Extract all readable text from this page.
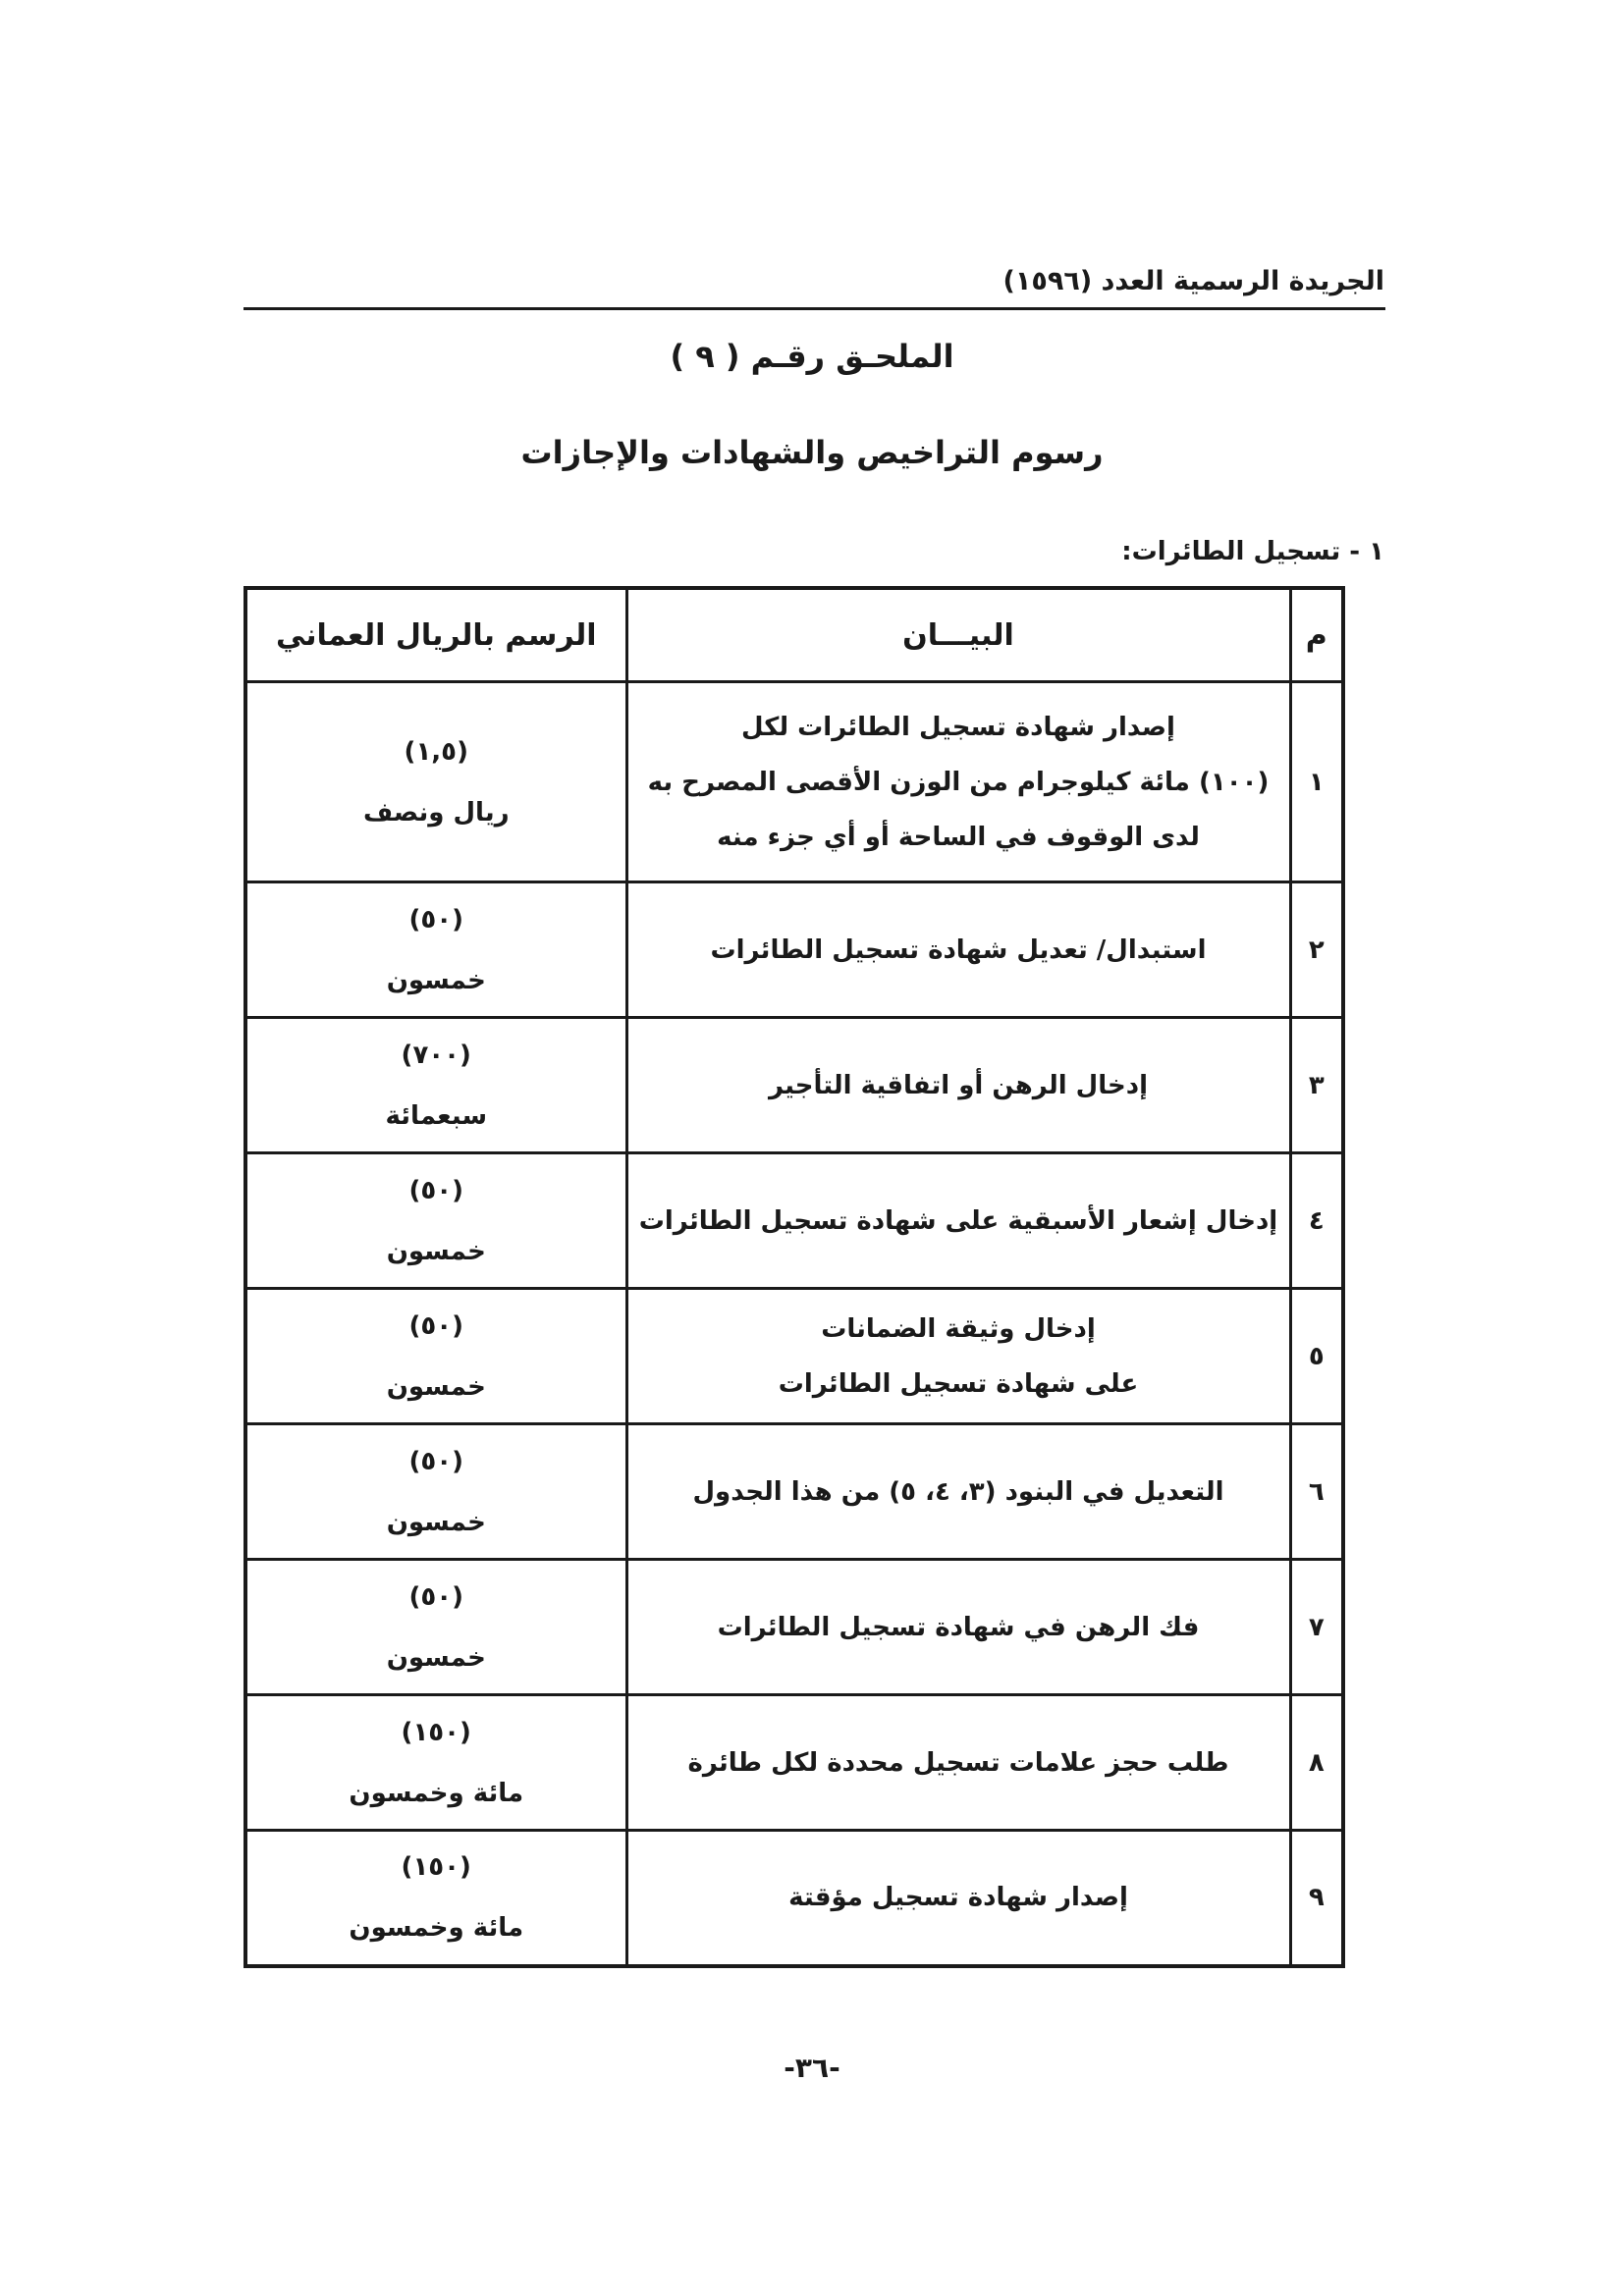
الجريدة الرسمية العدد (١٥٩٦)
الملحـق رقـم ( ٩ )
رسوم التراخيص والشهادات والإجازات
١ - تسجيل الطائرات:
م	البيـــان	الرسم بالريال العماني
١	إصدار شهادة تسجيل الطائرات لكل
(١٠٠) مائة كيلوجرام من الوزن الأقصى المصرح به
لدى الوقوف في الساحة أو أي جزء منه	(١,٥)
ريال ونصف

٢	استبدال/ تعديل شهادة تسجيل الطائرات	(٥٠)
خمسون

٣	إدخال الرهن أو اتفاقية التأجير	(٧٠٠)
سبعمائة

٤	إدخال إشعار الأسبقية على شهادة تسجيل الطائرات	(٥٠)
خمسون

٥	إدخال وثيقة الضمانات
على شهادة تسجيل الطائرات	(٥٠)
خمسون

٦	التعديل في البنود (٣، ٤، ٥) من هذا الجدول	(٥٠)
خمسون

٧	فك الرهن في شهادة تسجيل الطائرات	(٥٠)
خمسون

٨	طلب حجز علامات تسجيل محددة لكل طائرة	(١٥٠)
مائة وخمسون

٩	إصدار شهادة تسجيل مؤقتة	(١٥٠)
مائة وخمسون
-٣٦-
